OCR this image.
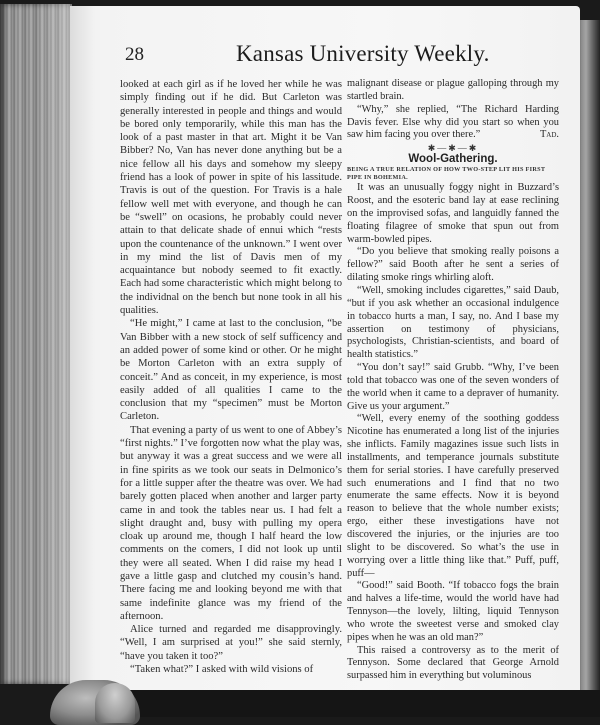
28	Kansas University Weekly.

looked at each girl as if he loved her while he was simply finding out if he did. But Carleton was generally interested in people and things and would be bored only temporarily, while this man has the look of a past master in that art. Might it be Van Bibber? No, Van has never done anything but be a nice fellow all his days and somehow my sleepy friend has a look of power in spite of his lassitude. Travis is out of the question. For Travis is a hale fellow well met with everyone, and though he can be “swell” on ocasions, he probably could never attain to that delicate shade of ennui which “rests upon the countenance of the unknown.” I went over in my mind the list of Davis men of my acquaintance but nobody seemed to fit exactly. Each had some characteristic which might belong to the individnal on the bench but none took in all his qualities.

“He might,” I came at last to the conclusion, “be Van Bibber with a new stock of self sufficency and an added power of some kind or other. Or he might be Morton Carleton with an extra supply of conceit.” And as conceit, in my experience, is most easily added of all qualities I came to the conclusion that my “specimen” must be Morton Carleton.

That evening a party of us went to one of Abbey’s “first nights.” I’ve forgotten now what the play was, but anyway it was a great success and we were all in fine spirits as we took our seats in Delmonico’s for a little supper after the theatre was over. We had barely gotten placed when another and larger party came in and took the tables near us. I had felt a slight draught and, busy with pulling my opera cloak up around me, though I half heard the low comments on the comers, I did not look up until they were all seated. When I did raise my head I gave a little gasp and clutched my cousin’s hand. There facing me and looking beyond me with that same indefinite glance was my friend of the afternoon.

Alice turned and regarded me disapprovingly. “Well, I am surprised at you!” she said sternly, “have you taken it too?”

“Taken what?” I asked with wild visions of

malignant disease or plague galloping through my startled brain.

“Why,” she replied, “The Richard Harding Davis fever. Else why did you start so when you saw him facing you over there.”	Tad.

✱—✱—✱
Wool-Gathering.
BEING A TRUE RELATION OF HOW TWO-STEP LIT HIS FIRST PIPE IN BOHEMIA.

It was an unusually foggy night in Buzzard’s Roost, and the esoteric band lay at ease reclining on the improvised sofas, and languidly fanned the floating filagree of smoke that spun out from warm-bowled pipes.

“Do you believe that smoking really poisons a fellow?” said Booth after he sent a series of dilating smoke rings whirling aloft.

“Well, smoking includes cigarettes,” said Daub, “but if you ask whether an occasional indulgence in tobacco hurts a man, I say, no. And I base my assertion on testimony of physicians, psychologists, Christian-scientists, and board of health statistics.”

“You don’t say!” said Grubb. “Why, I’ve been told that tobacco was one of the seven wonders of the world when it came to a depraver of humanity. Give us your argument.”

“Well, every enemy of the soothing goddess Nicotine has enumerated a long list of the injuries she inflicts. Family magazines issue such lists in installments, and temperance journals substitute them for serial stories. I have carefully preserved such enumerations and I find that no two enumerate the same effects. Now it is beyond reason to believe that the whole number exists; ergo, either these investigations have not discovered the injuries, or the injuries are too slight to be discovered. So what’s the use in worrying over a little thing like that.” Puff, puff, puff—

“Good!” said Booth. “If tobacco fogs the brain and halves a life-time, would the world have had Tennyson—the lovely, lilting, liquid Tennyson who wrote the sweetest verse and smoked clay pipes when he was an old man?”

This raised a controversy as to the merit of Tennyson. Some declared that George Arnold surpassed him in everything but voluminous
